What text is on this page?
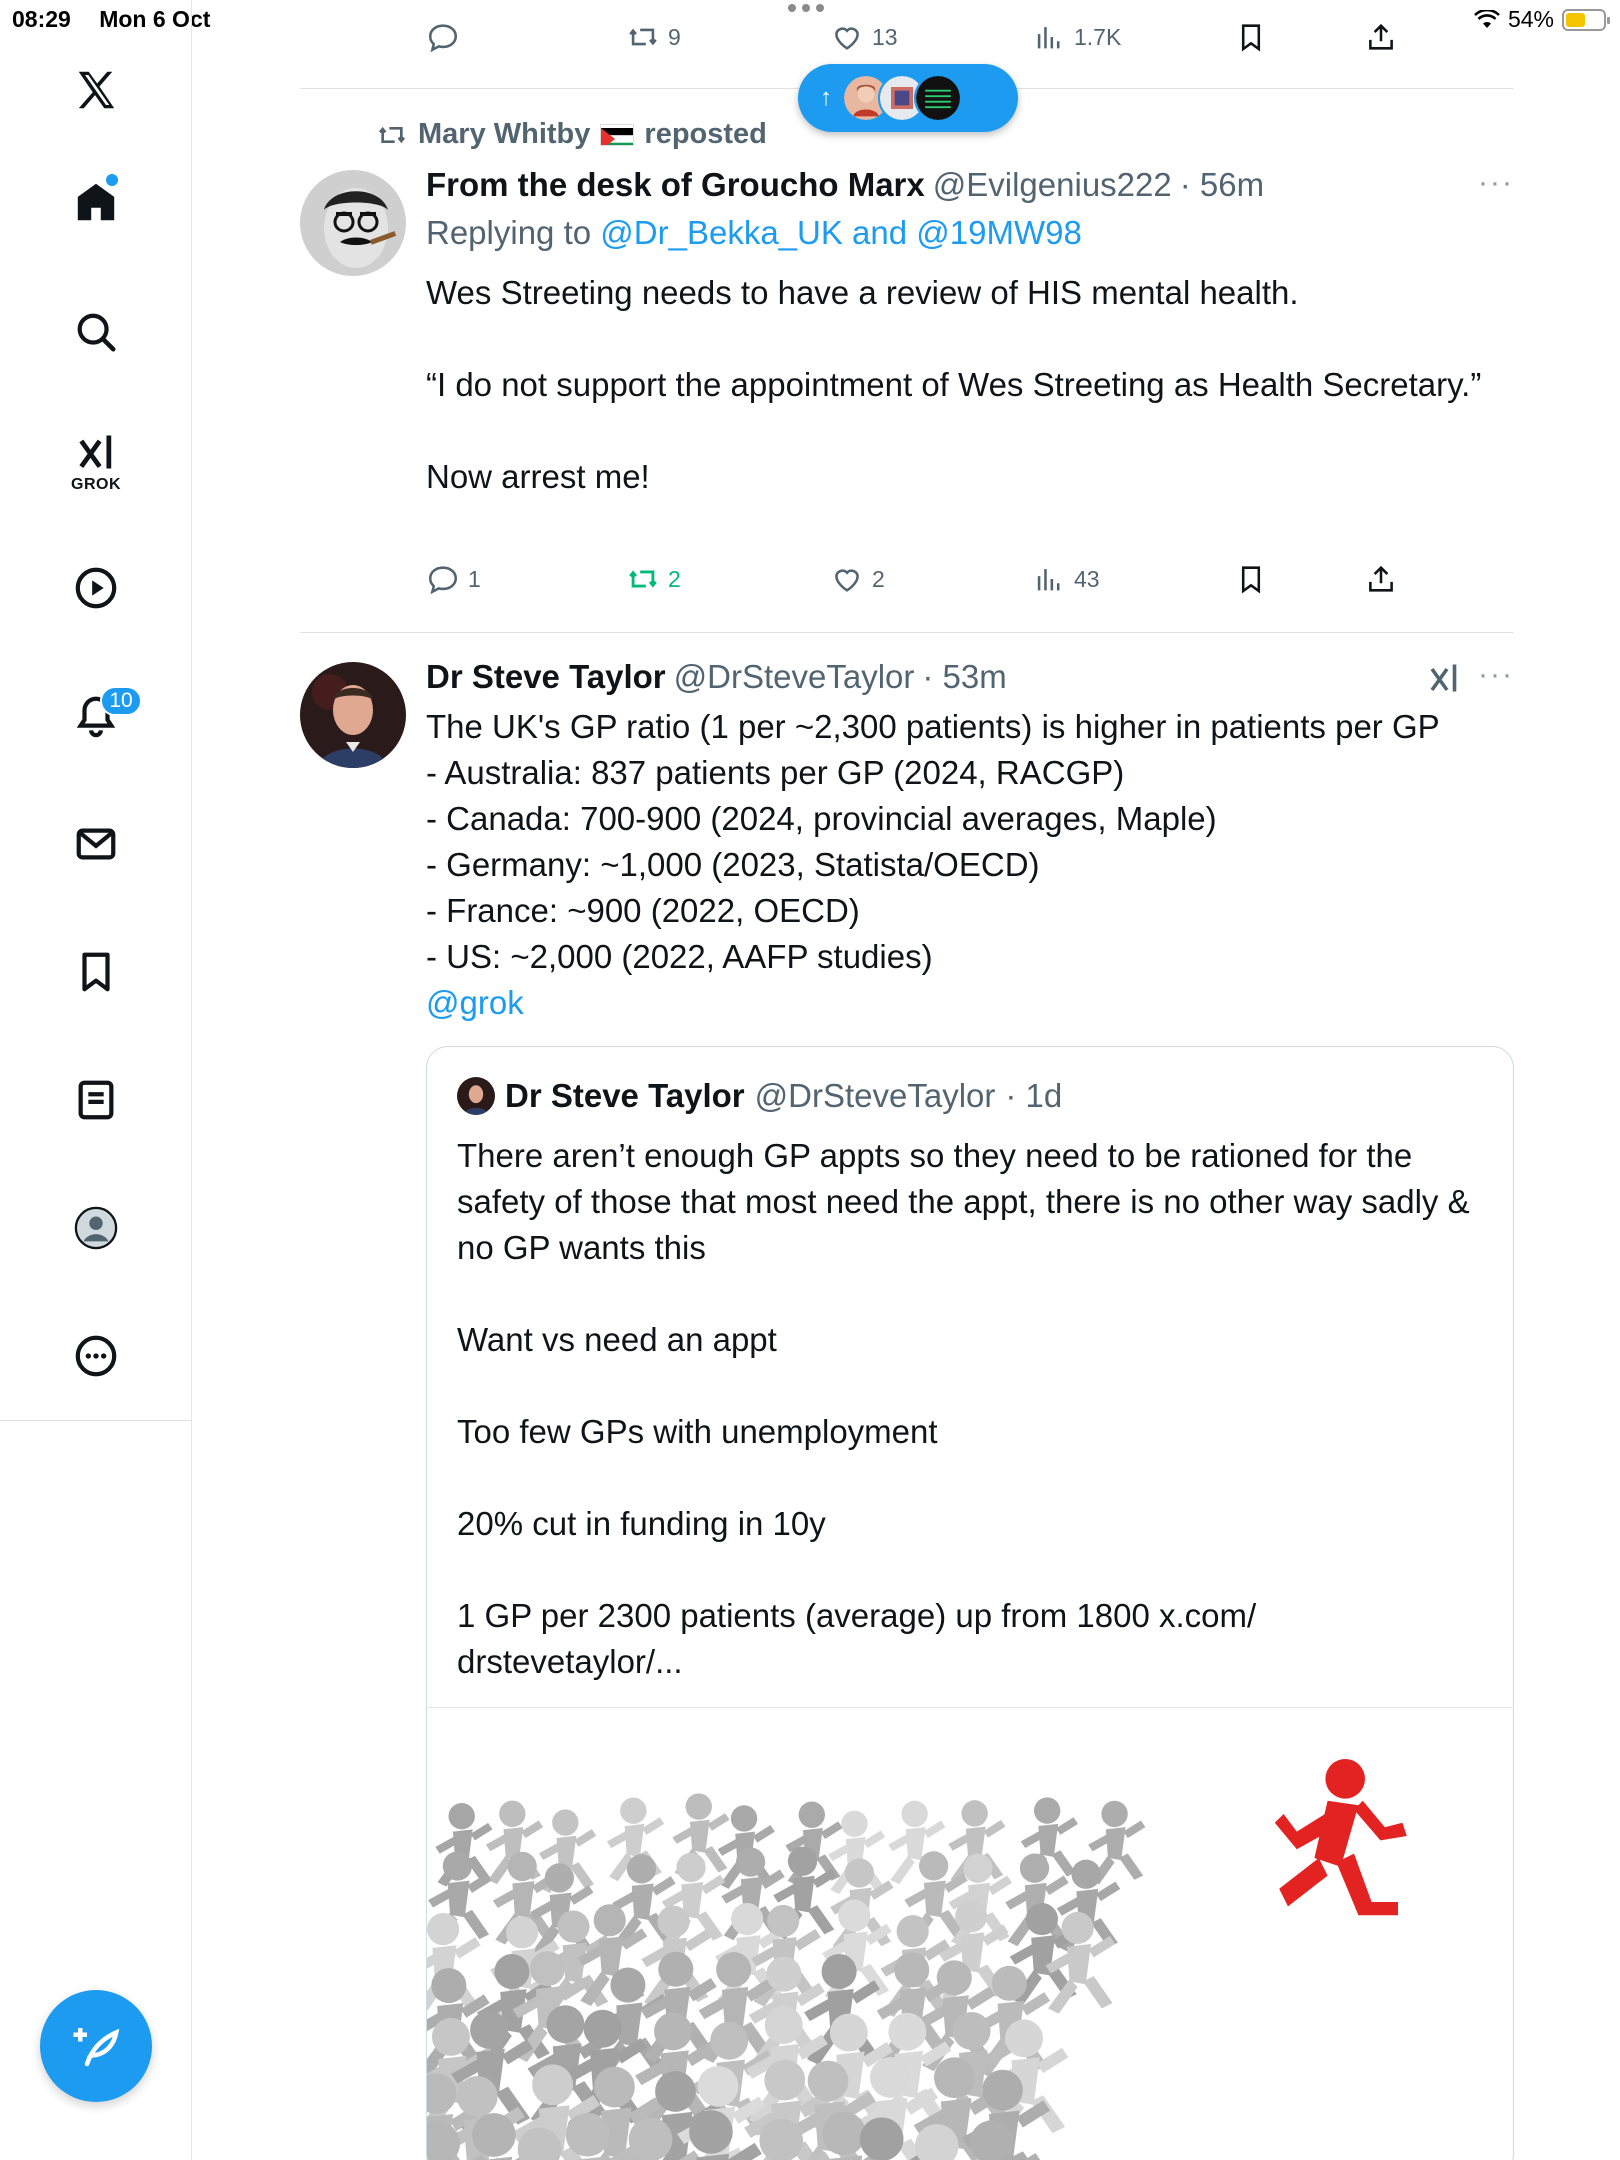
08:29 Mon 6 Oct	54%
GROK
10
9	13	1.7K
↑
Mary Whitby reposted
From the desk of Groucho Marx @Evilgenius222 · 56m	···
Replying to @Dr_Bekka_UK and @19MW98
Wes Streeting needs to have a review of HIS mental health.

“I do not support the appointment of Wes Streeting as Health Secretary.”

Now arrest me!
1	2	2	43
Dr Steve Taylor @DrSteveTaylor · 53m	···
The UK's GP ratio (1 per ~2,300 patients) is higher in patients per GP
- Australia: 837 patients per GP (2024, RACGP)
- Canada: 700-900 (2024, provincial averages, Maple)
- Germany: ~1,000 (2023, Statista/OECD)
- France: ~900 (2022, OECD)
- US: ~2,000 (2022, AAFP studies)
@grok
Dr Steve Taylor @DrSteveTaylor · 1d
There aren’t enough GP appts so they need to be rationed for the safety of those that most need the appt, there is no other way sadly & no GP wants this

Want vs need an appt

Too few GPs with unemployment

20% cut in funding in 10y

1 GP per 2300 patients (average) up from 1800 x.com/
drstevetaylor/...
